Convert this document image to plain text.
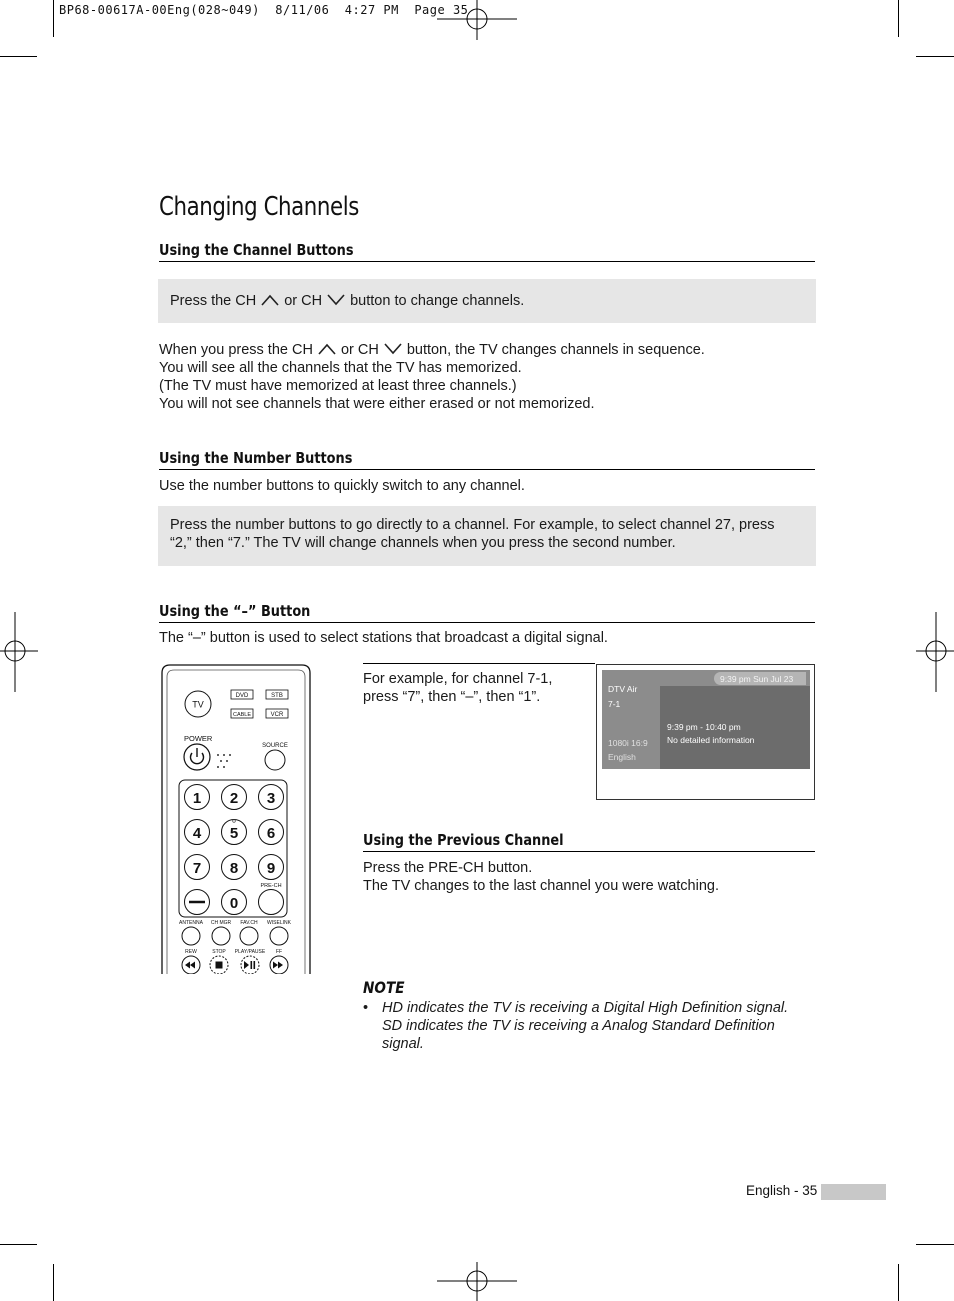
BP68-00617A-00Eng(028~049)  8/11/06  4:27 PM  Page 35
Changing Channels
Using the Channel Buttons
Press the CH or CH button to change channels.

When you press the CH or CH button, the TV changes channels in sequence.

You will see all the channels that the TV has memorized.

(The TV must have memorized at least three channels.)

You will not see channels that were either erased or not memorized.

Using the Number Buttons
Use the number buttons to quickly switch to any channel.

Press the number buttons to go directly to a channel. For example, to select channel 27, press

“2,” then “7.” The TV will change channels when you press the second number.

Using the “–” Button
The “–” button is used to select stations that broadcast a digital signal.
TV
DVD	STB
CABLE	VCR
POWER
SOURCE
1 2 3
4 5 6
7 8 9
0
PRE-CH
ANTENNA CH MGR FAV.CH WISELINK
REW	STOP PLAY/PAUSE FF

For example, for channel 7-1,

press “7”, then “–”, then “1”.

9:39 pm Sun Jul 23
DTV Air
7-1
1080i 16:9
English
9:39 pm - 10:40 pm
No detailed information
Using the Previous Channel

Press the PRE-CH button.

The TV changes to the last channel you were watching.

NOTE
• HD indicates the TV is receiving a Digital High Definition signal.
SD indicates the TV is receiving a Analog Standard Definition
signal.
English - 35
